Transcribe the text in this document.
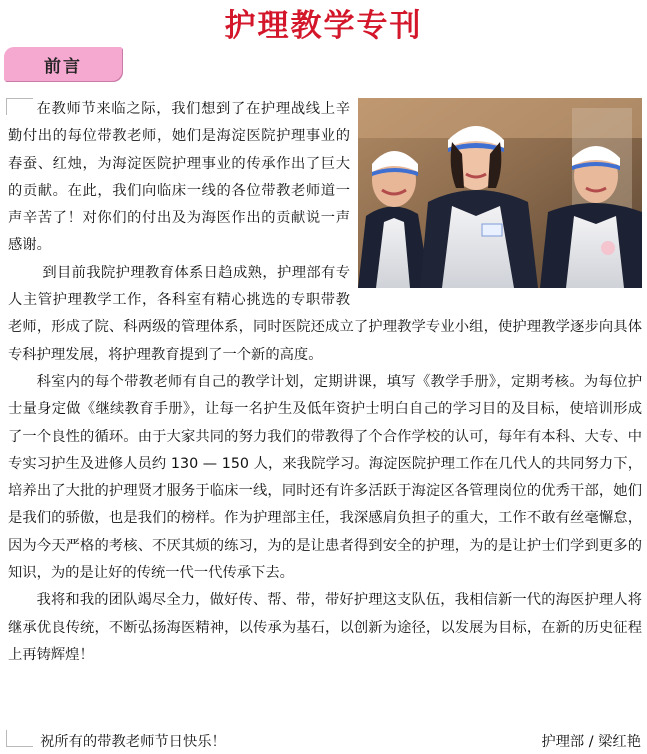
护理教学专刊
前言

在教师节来临之际，我们想到了在护理战线上辛勤付出的每位带教老师，她们是海淀医院护理事业的春蚕、红烛，为海淀医院护理事业的传承作出了巨大的贡献。在此，我们向临床一线的各位带教老师道一声辛苦了！对你们的付出及为海医作出的贡献说一声感谢。

到目前我院护理教育体系日趋成熟，护理部有专人主管护理教学工作，各科室有精心挑选的专职带教老师，形成了院、科两级的管理体系，同时医院还成立了护理教学专业小组，使护理教学逐步向具体专科护理发展，将护理教育提到了一个新的高度。

科室内的每个带教老师有自己的教学计划，定期讲课，填写《教学手册》，定期考核。为每位护士量身定做《继续教育手册》，让每一名护生及低年资护士明白自己的学习目的及目标，使培训形成了一个良性的循环。由于大家共同的努力我们的带教得了个合作学校的认可，每年有本科、大专、中专实习护生及进修人员约 130 — 150 人，来我院学习。海淀医院护理工作在几代人的共同努力下，培养出了大批的护理贤才服务于临床一线，同时还有许多活跃于海淀区各管理岗位的优秀干部，她们是我们的骄傲，也是我们的榜样。作为护理部主任，我深感肩负担子的重大，工作不敢有丝毫懈怠，因为今天严格的考核、不厌其烦的练习，为的是让患者得到安全的护理，为的是让护士们学到更多的知识，为的是让好的传统一代一代传承下去。

我将和我的团队竭尽全力，做好传、帮、带，带好护理这支队伍，我相信新一代的海医护理人将继承优良传统，不断弘扬海医精神，以传承为基石，以创新为途径，以发展为目标，在新的历史征程上再铸辉煌！

祝所有的带教老师节日快乐！	护理部 / 梁红艳
